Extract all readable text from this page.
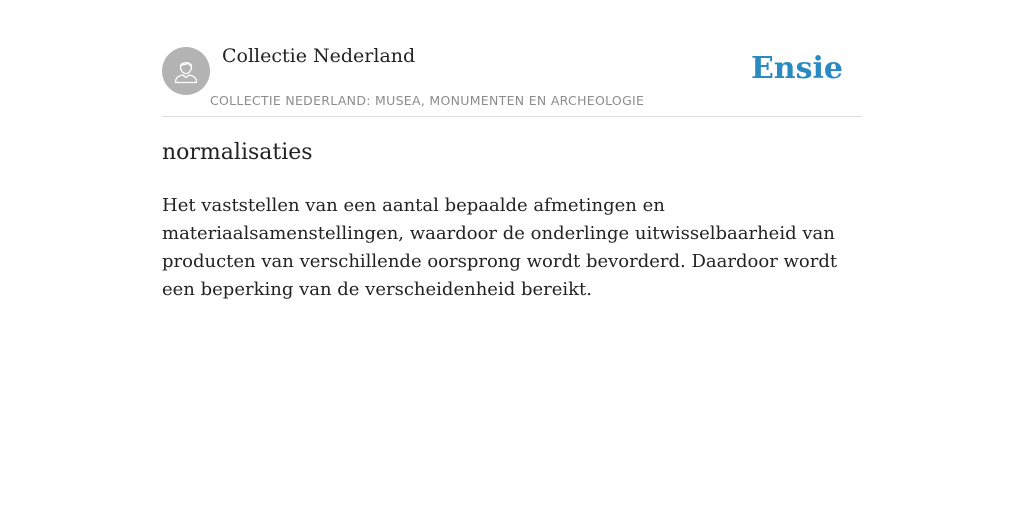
Collectie Nederland
COLLECTIE NEDERLAND: MUSEA, MONUMENTEN EN ARCHEOLOGIE
Ensie
normalisaties

Het vaststellen van een aantal bepaalde afmetingen en materiaalsamenstellingen, waardoor de onderlinge uitwisselbaarheid van producten van verschillende oorsprong wordt bevorderd. Daardoor wordt een beperking van de verscheidenheid bereikt.
